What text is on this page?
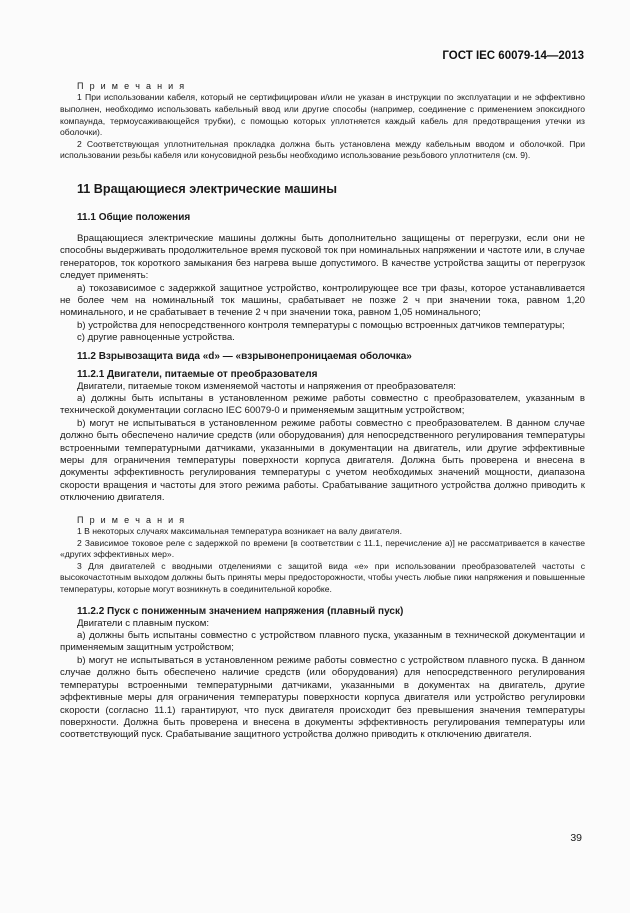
ГОСТ IEC 60079-14—2013

П р и м е ч а н и я

1 При использовании кабеля, который не сертифицирован и/или не указан в инструкции по эксплуатации и не эффективно выполнен, необходимо использовать кабельный ввод или другие способы (например, соединение с применением эпоксидного компаунда, термоусаживающейся трубки), с помощью которых уплотняется каждый кабель для предотвращения утечки из оболочки).

2 Соответствующая уплотнительная прокладка должна быть установлена между кабельным вводом и оболочкой. При использовании резьбы кабеля или конусовидной резьбы необходимо использование резьбового уплотнителя (см. 9).

11 Вращающиеся электрические машины

11.1 Общие положения

Вращающиеся электрические машины должны быть дополнительно защищены от перегрузки, если они не способны выдерживать продолжительное время пусковой ток при номинальных напряжении и частоте или, в случае генераторов, ток короткого замыкания без нагрева выше допустимого. В качестве устройства защиты от перегрузок следует применять:

a) токозависимое с задержкой защитное устройство, контролирующее все три фазы, которое устанавливается не более чем на номинальный ток машины, срабатывает не позже 2 ч при значении тока, равном 1,20 номинального, и не срабатывает в течение 2 ч при значении тока, равном 1,05 номинального;

b) устройства для непосредственного контроля температуры с помощью встроенных датчиков температуры;

c) другие равноценные устройства.

11.2 Взрывозащита вида «d» — «взрывонепроницаемая оболочка»

11.2.1 Двигатели, питаемые от преобразователя

Двигатели, питаемые током изменяемой частоты и напряжения от преобразователя:

a) должны быть испытаны в установленном режиме работы совместно с преобразователем, указанным в технической документации согласно IEC 60079-0 и применяемым защитным устройством;

b) могут не испытываться в установленном режиме работы совместно с преобразователем. В данном случае должно быть обеспечено наличие средств (или оборудования) для непосредственного регулирования температуры встроенными температурными датчиками, указанными в документации на двигатель, или другие эффективные меры для ограничения температуры поверхности корпуса двигателя. Должна быть проверена и внесена в документы эффективность регулирования температуры с учетом необходимых значений мощности, диапазона скорости вращения и частоты для этого режима работы. Срабатывание защитного устройства должно приводить к отключению двигателя.

П р и м е ч а н и я

1 В некоторых случаях максимальная температура возникает на валу двигателя.

2 Зависимое токовое реле с задержкой по времени [в соответствии с 11.1, перечисление а)] не рассматривается в качестве «других эффективных мер».

3 Для двигателей с вводными отделениями с защитой вида «е» при использовании преобразователей частоты с высокочастотным выходом должны быть приняты меры предосторожности, чтобы учесть любые пики напряжения и повышенные температуры, которые могут возникнуть в соединительной коробке.

11.2.2 Пуск с пониженным значением напряжения (плавный пуск)

Двигатели с плавным пуском:

a) должны быть испытаны совместно с устройством плавного пуска, указанным в технической документации и применяемым защитным устройством;

b) могут не испытываться в установленном режиме работы совместно с устройством плавного пуска. В данном случае должно быть обеспечено наличие средств (или оборудования) для непосредственного регулирования температуры встроенными температурными датчиками, указанными в документах на двигатель, другие эффективные меры для ограничения температуры поверхности корпуса двигателя или устройство регулировки скорости (согласно 11.1) гарантируют, что пуск двигателя происходит без превышения значения температуры поверхности. Должна быть проверена и внесена в документы эффективность регулирования температуры или соответствующий пуск. Срабатывание защитного устройства должно приводить к отключению двигателя.

39
